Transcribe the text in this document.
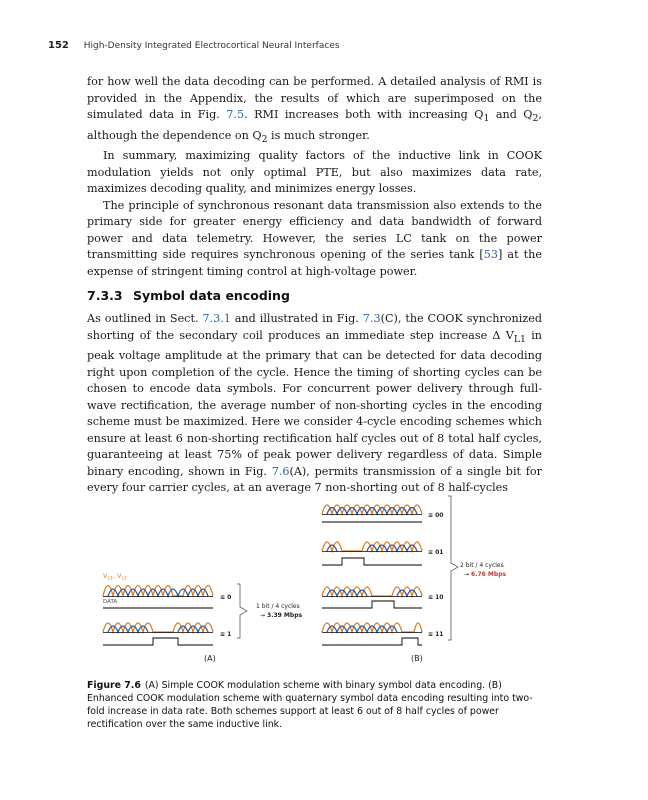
152 High-Density Integrated Electrocortical Neural Interfaces

for how well the data decoding can be performed. A detailed analysis of RMI is provided in the Appendix, the results of which are superimposed on the simulated data in Fig. 7.5. RMI increases both with increasing $Q_1$ and $Q_2$, although the dependence on $Q_2$ is much stronger.

In summary, maximizing quality factors of the inductive link in COOK modulation yields not only optimal PTE, but also maximizes data rate, maximizes decoding quality, and minimizes energy losses.

The principle of synchronous resonant data transmission also extends to the primary side for greater energy efficiency and data bandwidth of forward power and data telemetry. However, the series LC tank on the power transmitting side requires synchronous opening of the series tank [53] at the expense of stringent timing control at high-voltage power.

7.3.3 Symbol data encoding

As outlined in Sect. 7.3.1 and illustrated in Fig. 7.3(C), the COOK synchronized shorting of the secondary coil produces an immediate step increase Δ $V_{L1}$ in peak voltage amplitude at the primary that can be detected for data decoding right upon completion of the cycle. Hence the timing of shorting cycles can be chosen to encode data symbols. For concurrent power delivery through full-wave rectification, the average number of non-shorting cycles in the encoding scheme must be maximized. Here we consider 4-cycle encoding schemes which ensure at least 6 non-shorting rectification half cycles out of 8 total half cycles, guaranteeing at least 75% of peak power delivery regardless of data. Simple binary encoding, shown in Fig. 7.6(A), permits transmission of a single bit for every four carrier cycles, at an average 7 non-shorting out of 8 half-cycles

$V_{L1}$, $V_{L2}$
DATA
≡ 0
≡ 1
1 bit / 4 cycles
→ 3.39 Mbps
(A)
≡ 00
≡ 01
≡ 10
≡ 11
2 bit / 4 cycles
→ 6.76 Mbps
(B)
Figure 7.6 (A) Simple COOK modulation scheme with binary symbol data encoding. (B) Enhanced COOK modulation scheme with quaternary symbol data encoding resulting into two-fold increase in data rate. Both schemes support at least 6 out of 8 half cycles of power rectification over the same inductive link.
